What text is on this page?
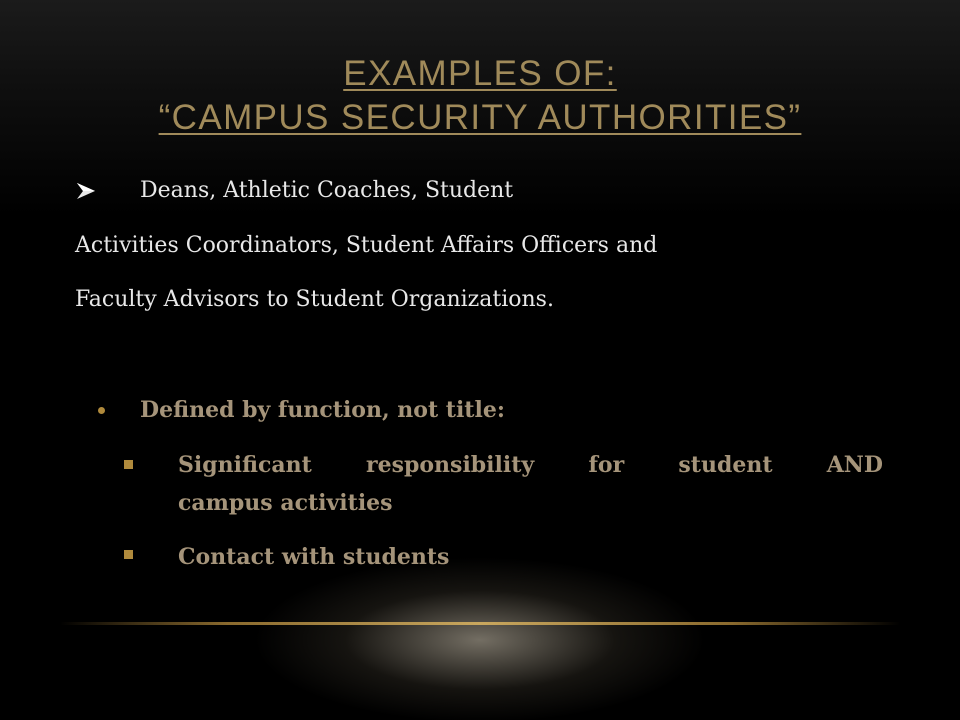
EXAMPLES OF:
“CAMPUS SECURITY AUTHORITIES”
Deans, Athletic Coaches, Student
Activities Coordinators, Student Affairs Officers and
Faculty Advisors to Student Organizations.
Defined by function, not title:
Significant responsibility for student AND
campus activities
Contact with students
